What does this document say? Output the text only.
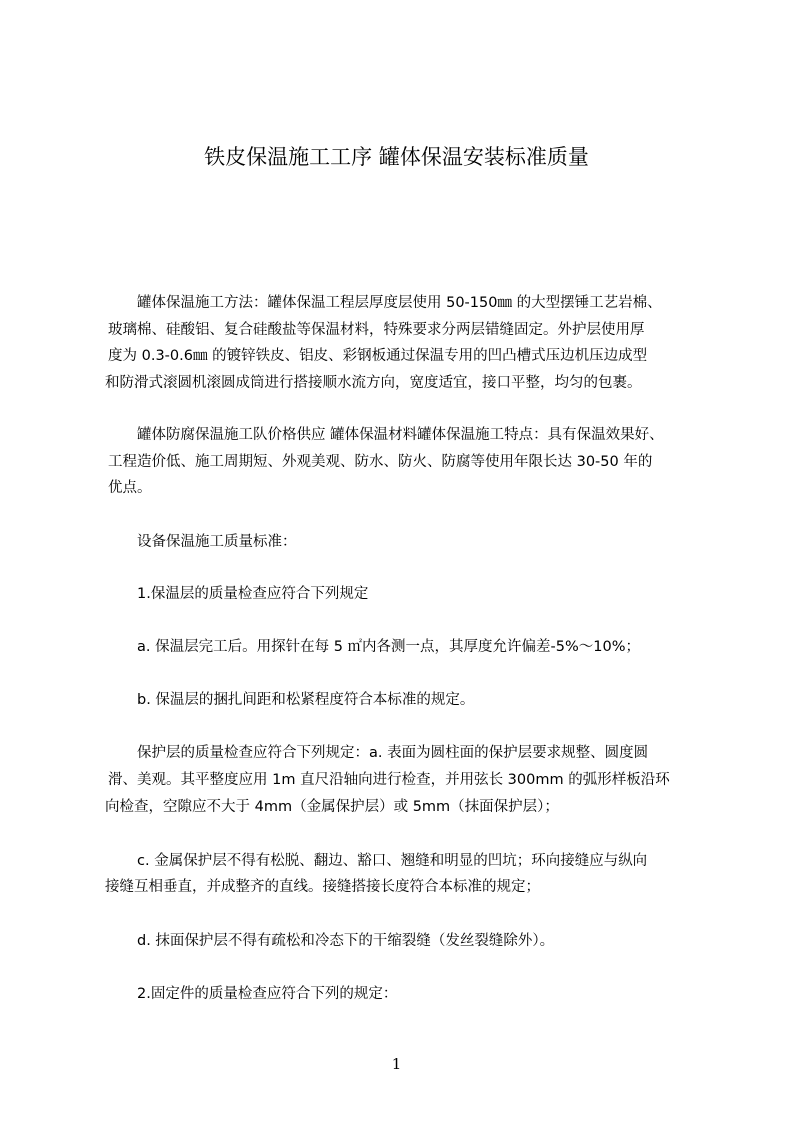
铁皮保温施工工序 罐体保温安装标准质量
罐体保温施工方法：罐体保温工程层厚度层使用 50-150㎜ 的大型摆锤工艺岩棉、
玻璃棉、硅酸铝、复合硅酸盐等保温材料，特殊要求分两层错缝固定。外护层使用厚
度为 0.3-0.6㎜ 的镀锌铁皮、铝皮、彩钢板通过保温专用的凹凸槽式压边机压边成型
和防滑式滚圆机滚圆成筒进行搭接顺水流方向，宽度适宜，接口平整，均匀的包裹。
罐体防腐保温施工队价格供应 罐体保温材料罐体保温施工特点：具有保温效果好、
工程造价低、施工周期短、外观美观、防水、防火、防腐等使用年限长达 30-50 年的
优点。
设备保温施工质量标准：
1.保温层的质量检查应符合下列规定
a. 保温层完工后。用探针在每 5 ㎡内各测一点，其厚度允许偏差-5%～10%；
b. 保温层的捆扎间距和松紧程度符合本标准的规定。
保护层的质量检查应符合下列规定：a. 表面为圆柱面的保护层要求规整、圆度圆
滑、美观。其平整度应用 1m 直尺沿轴向进行检查，并用弦长 300mm 的弧形样板沿环
向检查，空隙应不大于 4mm（金属保护层）或 5mm（抹面保护层）；
c. 金属保护层不得有松脱、翻边、豁口、翘缝和明显的凹坑；环向接缝应与纵向
接缝互相垂直，并成整齐的直线。接缝搭接长度符合本标准的规定；
d. 抹面保护层不得有疏松和冷态下的干缩裂缝（发丝裂缝除外）。
2.固定件的质量检查应符合下列的规定：
1
